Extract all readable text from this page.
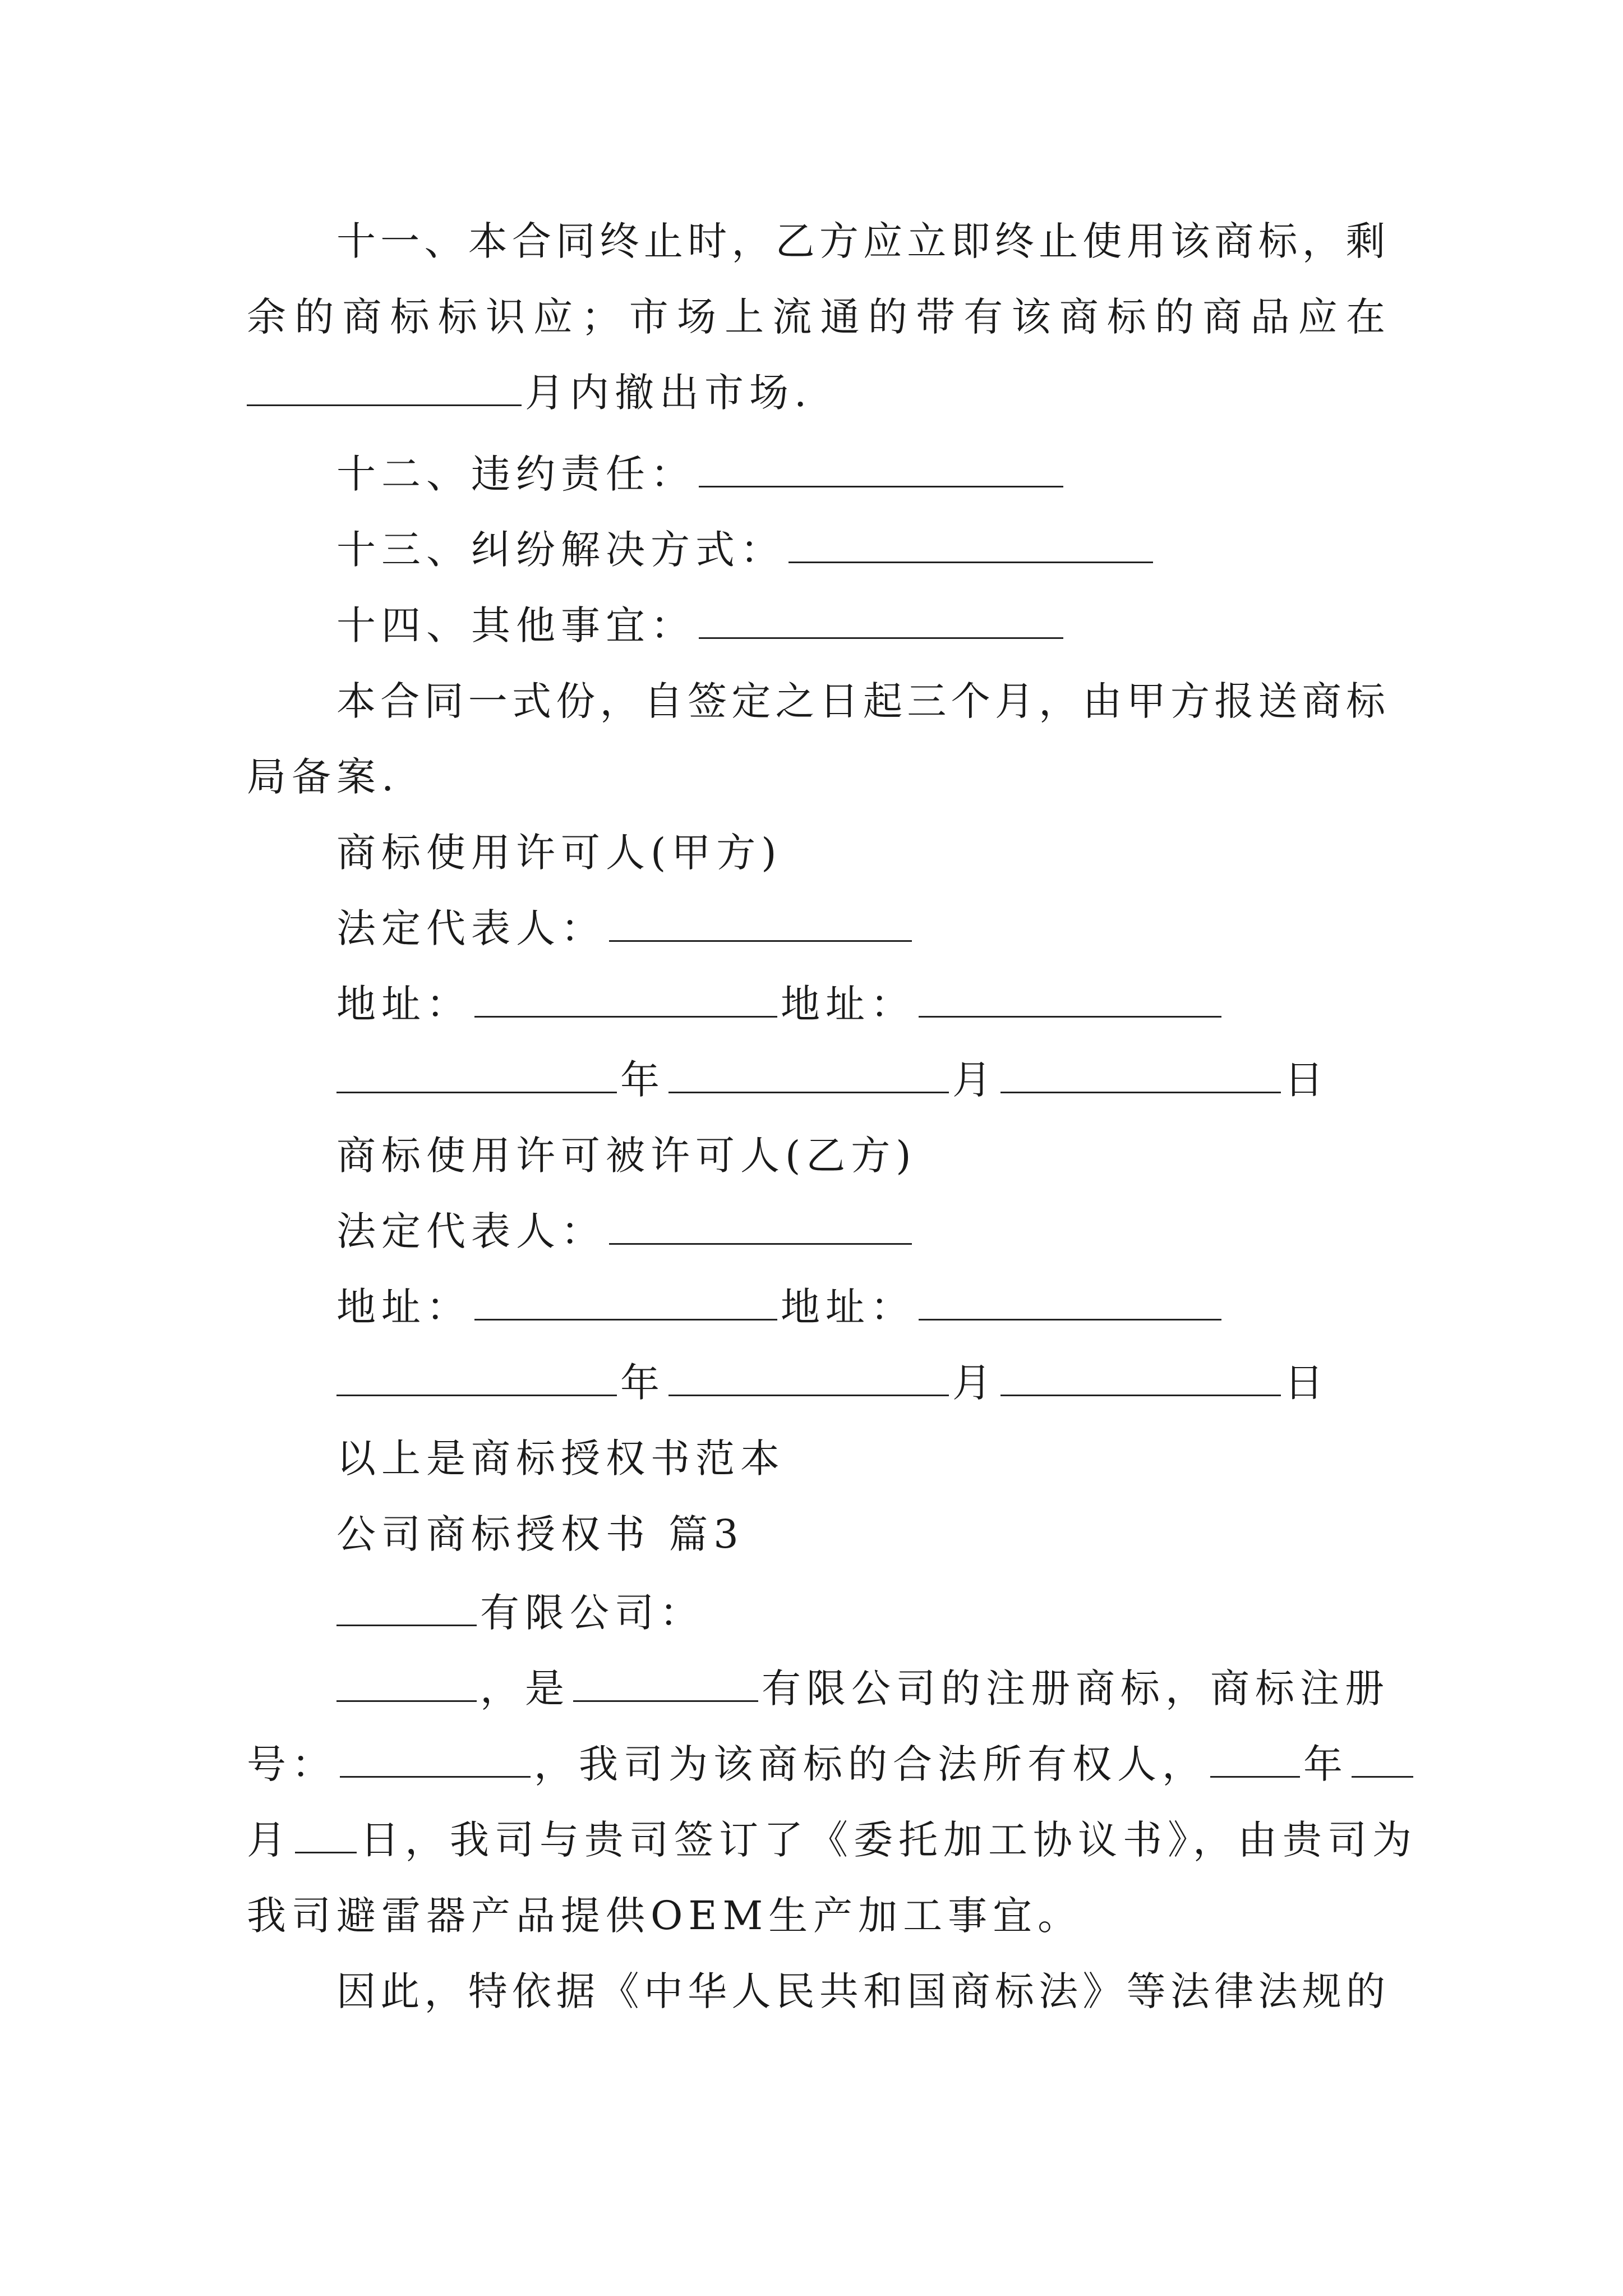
十一、本合同终止时，乙方应立即终止使用该商标，剩
余的商标标识应；市场上流通的带有该商标的商品应在
月内撤出市场.
十二、违约责任：
十三、纠纷解决方式：
十四、其他事宜：
本合同一式份，自签定之日起三个月，由甲方报送商标
局备案.
商标使用许可人(甲方)
法定代表人：
地址：	地址：
年	月	日
商标使用许可被许可人(乙方)
法定代表人：
地址：	地址：
年	月	日
以上是商标授权书范本
公司商标授权书 篇3
有限公司：
，是	有限公司的注册商标，商标注册
号：	，我司为该商标的合法所有权人， 年
月 日，我司与贵司签订了《委托加工协议书》，由贵司为
我司避雷器产品提供OEM生产加工事宜。
因此，特依据《中华人民共和国商标法》等法律法规的
